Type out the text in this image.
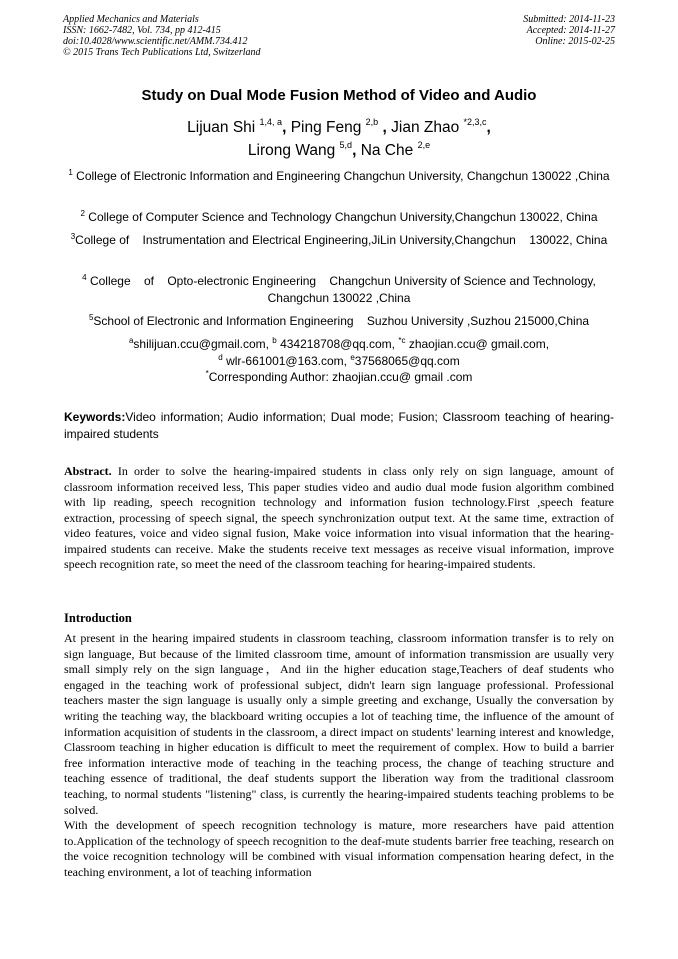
Applied Mechanics and Materials
ISSN: 1662-7482, Vol. 734, pp 412-415
doi:10.4028/www.scientific.net/AMM.734.412
© 2015 Trans Tech Publications Ltd, Switzerland
Submitted: 2014-11-23
Accepted: 2014-11-27
Online: 2015-02-25
Study on Dual Mode Fusion Method of Video and Audio
Lijuan Shi $^{1,4, a}$, Ping Feng $^{2,b}$ , Jian Zhao $^{*2,3,c}$,
Lirong Wang $^{5,d}$, Na Che $^{2,e}$
$^1$ College of Electronic Information and Engineering Changchun University, Changchun 130022 ,China
$^2$ College of Computer Science and Technology Changchun University,Changchun 130022, China
$^3$College of    Instrumentation and Electrical Engineering,JiLin University,Changchun    130022, China
$^4$ College    of    Opto-electronic Engineering    Changchun University of Science and Technology, Changchun 130022 ,China
$^5$School of Electronic and Information Engineering    Suzhou University ,Suzhou 215000,China
$^a$shilijuan.ccu@gmail.com, $^b$ 434218708@qq.com, $^{*c}$ zhaojian.ccu@ gmail.com,
$^d$ wlr-661001@163.com, $^e$37568065@qq.com
*Corresponding Author: zhaojian.ccu@ gmail .com
Keywords:Video information; Audio information; Dual mode; Fusion; Classroom teaching of hearing-impaired students
Abstract. In order to solve the hearing-impaired students in class only rely on sign language, amount of classroom information received less, This paper studies video and audio dual mode fusion algorithm combined with lip reading, speech recognition technology and information fusion technology.First ,speech feature extraction, processing of speech signal, the speech synchronization output text. At the same time, extraction of video features, voice and video signal fusion, Make voice information into visual information that the hearing-impaired students can receive. Make the students receive text messages as receive visual information, improve speech recognition rate, so meet the need of the classroom teaching for hearing-impaired students.
Introduction

At present in the hearing impaired students in classroom teaching, classroom information transfer is to rely on sign language, But because of the limited classroom time, amount of information transmission are usually very small simply rely on the sign language，And iin the higher education stage,Teachers of deaf students who engaged in the teaching work of professional subject, didn't learn sign language professional. Professional teachers master the sign language is usually only a simple greeting and exchange, Usually the conversation by writing the teaching way, the blackboard writing occupies a lot of teaching time, the influence of the amount of information acquisition of students in the classroom, a direct impact on students' learning interest and knowledge, Classroom teaching in higher education is difficult to meet the requirement of complex. How to build a barrier free information interactive mode of teaching in the teaching process, the change of teaching structure and teaching essence of traditional, the deaf students support the liberation way from the traditional classroom teaching, to normal students "listening" class, is currently the hearing-impaired students teaching problems to be solved.

With the development of speech recognition technology is mature, more researchers have paid attention to.Application of the technology of speech recognition to the deaf-mute students barrier free teaching, research on the voice recognition technology will be combined with visual information compensation hearing defect, in the teaching environment, a lot of teaching information
